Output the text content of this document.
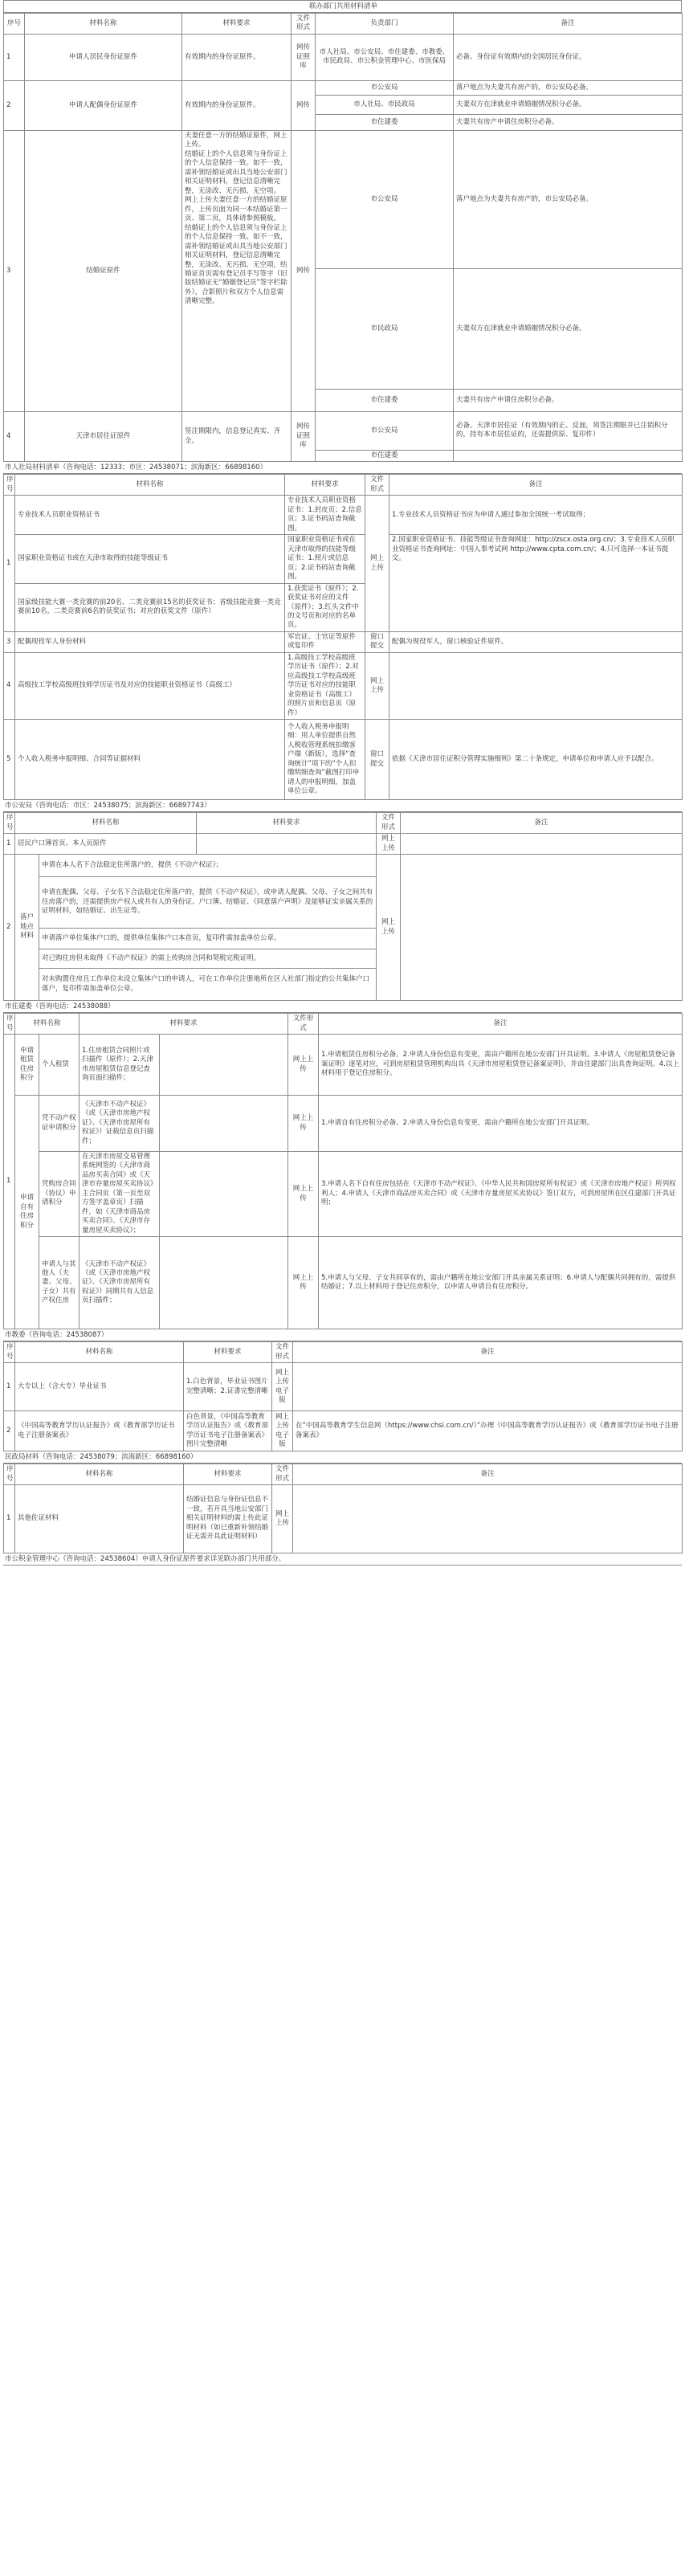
联办部门共用材料清单
序号	材料名称	材料要求	文件形式	负责部门	备注
1	申请人居民身份证原件	有效期内的身份证原件。	网传证照库	市人社局、市公安局、市住建委、市教委、市民政局、市公积金管理中心、市医保局	必备。身份证有效期内的全国居民身份证。
2	申请人配偶身份证原件	有效期内的身份证原件。	网传	市公安局	落户地点为夫妻共有房产的，市公安局必备。
				市人社局、市民政局	夫妻双方在津就业申请婚姻情况积分必备。
				市住建委	夫妻共有房产申请住房积分必备。
3	结婚证原件	夫妻任意一方的结婚证原件，网上上传。
结婚证上的个人信息须与身份证上的个人信息保持一致。如不一致，需补领结婚证或出具当地公安部门相关证明材料，登记信息清晰完整，无涂改、无污损、无空项。
网上上传夫妻任意一方的结婚证原件，上传页面为同一本结婚证第一页、第二页，具体请参照模板。
结婚证上的个人信息须与身份证上的个人信息保持一致。如不一致，需补领结婚证或出具当地公安部门相关证明材料，登记信息清晰完整，无涂改、无污损、无空项，结婚证首页需有登记员手写签字（旧版结婚证无“婚姻登记员”签字栏除外），合影照片和双方个人信息需清晰完整。	网传	市公安局	落户地点为夫妻共有房产的，市公安局必备。
				市民政局	夫妻双方在津就业申请婚姻情况积分必备。
				市住建委	夫妻共有房产申请住房积分必备。
4	天津市居住证原件	签注期限内，信息登记真实、齐全。	网传证照库	市公安局	必备。天津市居住证（有效期内的正、反面，须签注期限并已注销积分的，持有本市居住证的，还需提供原、复印件）
				市住建委	
市人社局材料清单（咨询电话：12333；市区：24538071；滨海新区：66898160）
序号	材料名称	材料要求	文件形式	备注
1	专业技术人员职业资格证书	专业技术人员职业资格证书：1.封皮页；2.信息页；3.证书码站查询截图。	网上上传	1.专业技术人员资格证书应为申请人通过参加全国统一考试取得；
	国家职业资格证书或在天津市取得的技能等级证书	国家职业资格证书或在天津市取得的技能等级证书：1.照片或信息页；2.证书码站查询截图。		2.国家职业资格证书、技能等级证书查询网址：http://zscx.osta.org.cn/；3.专业技术人员职业资格证书查询网址：中国人事考试网 http://www.cpta.com.cn/；4.只可选择一本证书提交。
	国家级技能大赛一类竞赛的前20名、二类竞赛前15名的获奖证书；省级技能竞赛一类竞赛前10名、二类竞赛前6名的获奖证书；对应的获奖文件（原件）	1.获奖证书（原件）；2.获奖证书对应的文件（原件）；3.红头文件中的文号页和对应的名单页。		
3	配偶现役军人身份材料	军官证、士官证等原件或复印件	窗口提交	配偶为现役军人，窗口核验证件原件。
4	高级技工学校高级班技师学历证书及对应的技能职业资格证书（高级工）	1.高级技工学校高级班学历证书（原件）；2.对应高级技工学校高级班学历证书对应的技能职业资格证书（高级工）的照片页和信息页（原件）	网上上传	
5	个人收入税务申报明细、合同等证据材料	个人收入税务申报明细：用人单位提供自然人税收管理系统扣缴客户端（新版），选择“查询统计”项下的“个人扣缴明细查询”截图打印申请人的申报明细，加盖单位公章。	窗口提交	依据《天津市居住证积分管理实施细则》第二十条规定，申请单位和申请人应予以配合。
市公安局（咨询电话：市区：24538075；滨海新区：66897743）
序号	材料名称		材料要求	文件形式	备注
1	居民户口簿首页、本人页原件			网上上传	
2	落户地点材料	申请在本人名下合法稳定住所落户的，提供《不动产权证》；		网上上传	
		申请在配偶、父母、子女名下合法稳定住所落户的，提供《不动产权证》，或申请人配偶、父母、子女之间共有住房落户的，还需提供房产权人或共有人的身份证、户口簿、结婚证、《同意落户声明》及能够证实亲属关系的证明材料，如结婚证、出生证等。			
		申请落户单位集体户口的，提供单位集体户口本首页，复印件需加盖单位公章。			
		对已购住房但未取得《不动产权证》的需上传购房合同和契税完税证明。			
		对未购置住房且工作单位未设立集体户口的申请人，可在工作单位注册地所在区人社部门指定的公共集体户口落户，复印件需加盖单位公章。			
市住建委（咨询电话：24538088）
序号	材料名称		材料要求		文件形式	备注
1	申请租赁住房积分	个人租赁	1.住房租赁合同照片或扫描件（原件）；2.天津市房屋租赁信息登记查询页面扫描件；		网上上传	1.申请租赁住房积分必备。2.申请人身份信息有变更，需由户籍所在地公安部门开具证明。3.申请人《房屋租赁登记备案证明》逐笔对应，可到房屋租赁管理机构出具《天津市房屋租赁登记备案证明》，并由住建部门出具查询证明。4.以上材料用于登记住房积分。
	申请自有住房积分	凭不动产权证申请积分	《天津市不动产权证》（或《天津市房地产权证》、《天津市房屋所有权证》）证载信息页扫描件；		网上上传	1.申请自有住房积分必备。2.申请人身份信息有变更，需由户籍所在地公安部门开具证明。
		凭购房合同（协议）申请积分	在天津市房屋交易管理系统网签的《天津市商品房买卖合同》或《天津市存量房屋买卖协议》主合同页（第一页至双方签字盖章页）扫描件，如《天津市商品房买卖合同》、《天津市存量房屋买卖协议》；		网上上传	3.申请人名下自有住房包括在《天津市不动产权证》、《中华人民共和国房屋所有权证》或《天津市房地产权证》所列权利人；4.申请人《天津市商品房买卖合同》或《天津市存量房屋买卖协议》签订双方，可到房屋所在区住建部门开具证明；
		申请人与其他人（夫妻、父母、子女）共有产权住房	《天津市不动产权证》（或《天津市房地产权证》、《天津市房屋所有权证》）同期共有人信息页扫描件；		网上上传	5.申请人与父母、子女共同享有的，需由户籍所在地公安部门开具亲属关系证明；6.申请人与配偶共同拥有的，需提供结婚证；7.以上材料用于登记住房积分，以申请人申请自有住房积分。
市教委（咨询电话：24538087）
序号	材料名称	材料要求	文件形式	备注
1	大专以上（含大专）毕业证书	1.白色背景，毕业证书图片完整清晰；2.证書完整清晰	网上上传电子版	
2	《中国高等教育学历认证报告》或《教育部学历证书电子注册备案表》	白色背景，《中国高等教育学历认证报告》或《教育部学历证书电子注册备案表》图片完整清晰	网上上传电子版	在“中国高等教育学生信息网（https://www.chsi.com.cn/）”办理《中国高等教育学历认证报告》或《教育部学历证书电子注册备案表》
民政局材料（咨询电话：24538079；滨海新区：66898160）
序号	材料名称	材料要求	文件形式	备注
1	其他佐证材料	结婚证信息与身份证信息不一致，若开具当地公安部门相关证明材料的需上传此证明材料（如已重新补领结婚证无需开具此证明材料）	网上上传	
市公积金管理中心（咨询电话：24538604）申请人身份证原件要求详见联办部门共用部分。
